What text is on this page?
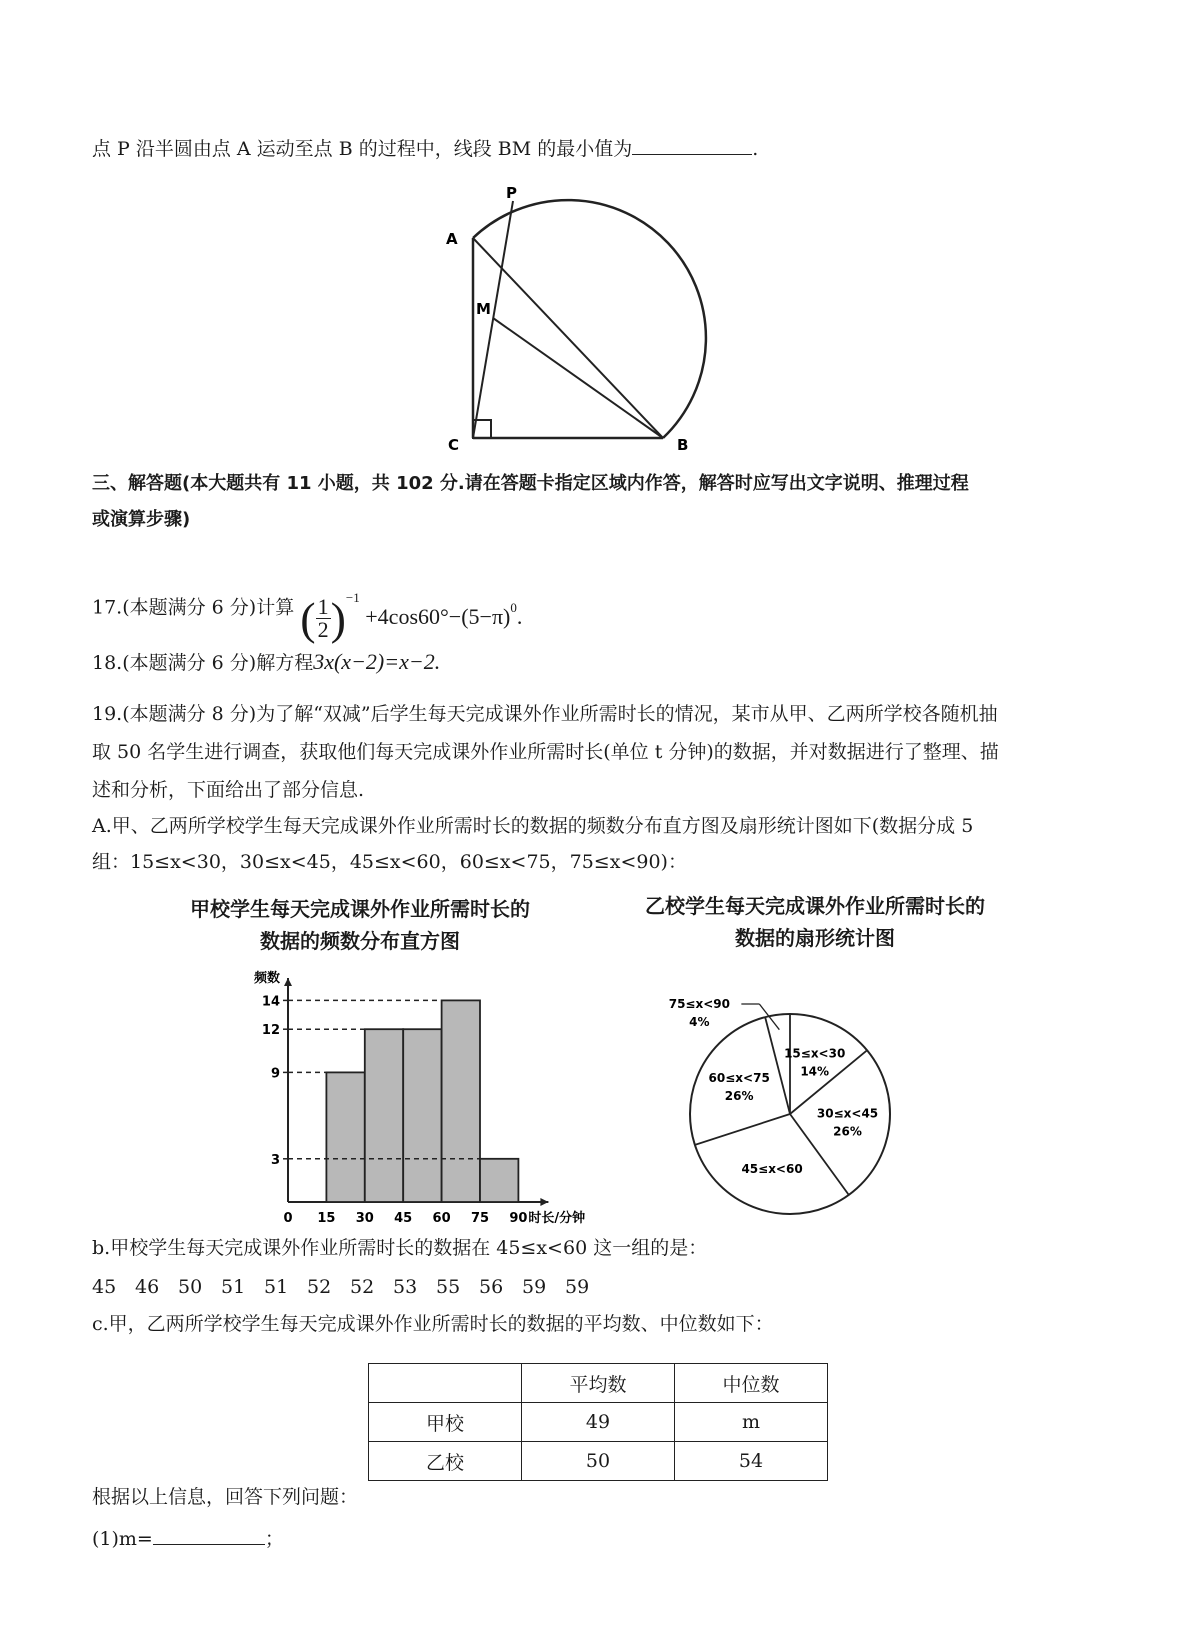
点 P 沿半圆由点 A 运动至点 B 的过程中，线段 BM 的最小值为	.
A
P
M
C	B
三、解答题(本大题共有 11 小题，共 102 分.请在答题卡指定区域内作答，解答时应写出文字说明、推理过程
或演算步骤)
17.(本题满分 6 分)计算 ( $\frac{1}{2} )^{-1} +4\cos 60^\circ-(5-\pi)^0$.
18.(本题满分 6 分)解方程3x(x−2)=x−2.
19.(本题满分 8 分)为了解“双减”后学生每天完成课外作业所需时长的情况，某市从甲、乙两所学校各随机抽
取 50 名学生进行调查，获取他们每天完成课外作业所需时长(单位 t 分钟)的数据，并对数据进行了整理、描
述和分析，下面给出了部分信息.
A.甲、乙两所学校学生每天完成课外作业所需时长的数据的频数分布直方图及扇形统计图如下(数据分成 5
组：15≤x<30，30≤x<45，45≤x<60，60≤x<75，75≤x<90)：
甲校学生每天完成课外作业所需时长的
数据的频数分布直方图
乙校学生每天完成课外作业所需时长的
数据的扇形统计图
3
9
12
14
0 15 30 45 60 75 90 时长/分钟
频数
15≤x<30
14%
30≤x<45
26%
45≤x<60
60≤x<75
26%
75≤x<90
4%
b.甲校学生每天完成课外作业所需时长的数据在 45≤x<60 这一组的是：
45 46 50 51 51 52 52 53 55 56 59 59
c.甲，乙两所学校学生每天完成课外作业所需时长的数据的平均数、中位数如下：
	平均数	中位数
甲校	49	m
乙校	50	54
根据以上信息，回答下列问题：
(1)m=	；
